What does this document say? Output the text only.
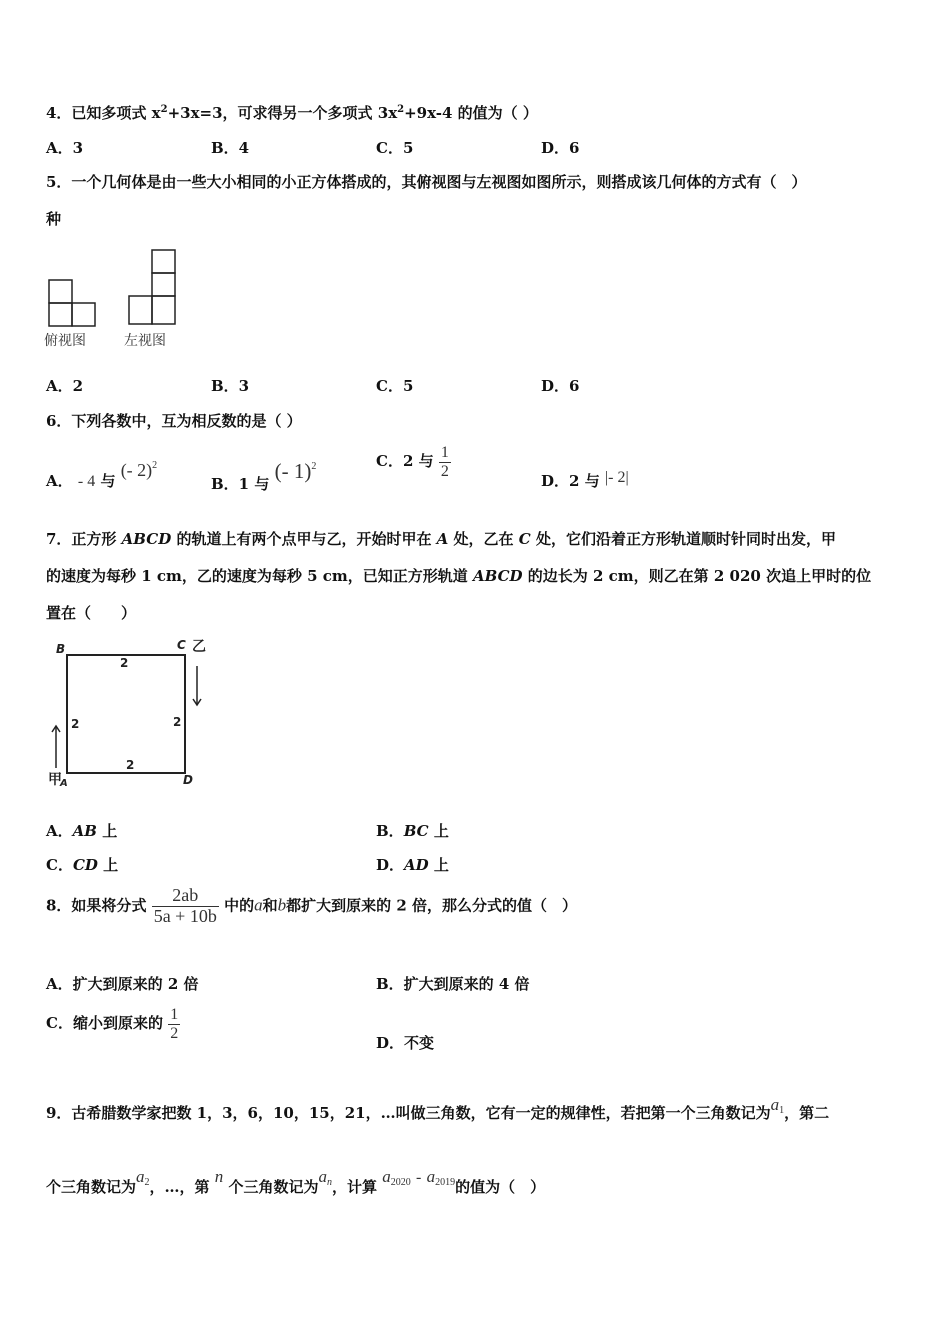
4．已知多项式 $x^2+3x=3$，可求得另一个多项式 $3x^2+9x-4$ 的值为（ ）
A．3	B．4	C．5	D．6
5．一个几何体是由一些大小相同的小正方体搭成的，其俯视图与左视图如图所示，则搭成该几何体的方式有（　）
种
俯视图	左视图
A．2	B．3	C．5	D．6
6．下列各数中，互为相反数的是（ ）
A． - 4 与 (- 2)$^2$
B．1 与 (- 1)$^2$	C．2 与 $\frac{1}{2}$
D．2 与 |- 2|
7．正方形 ABCD 的轨道上有两个点甲与乙，开始时甲在 A 处，乙在 C 处，它们沿着正方形轨道顺时针同时出发，甲
的速度为每秒 1 cm，乙的速度为每秒 5 cm，已知正方形轨道 ABCD 的边长为 2 cm，则乙在第 2 020 次追上甲时的位
置在（　　）
B	C 乙
D
甲
A
2
2	2
2
A．AB 上	B．BC 上
C．CD 上	D．AD 上
8．如果将分式 $\frac{2ab}{5a + 10b}$ 中的a和b都扩大到原来的 2 倍，那么分式的值（　）
A．扩大到原来的 2 倍	B．扩大到原来的 4 倍
C．缩小到原来的 $\frac{1}{2}$
D．不变
9．古希腊数学家把数 1，3，6，10，15，21，…叫做三角数，它有一定的规律性，若把第一个三角数记为$a_1$，第二
个三角数记为$a_2$，…，第 n 个三角数记为$a_n$，计算 $a_{2020} - a_{2019}$的值为（　）
